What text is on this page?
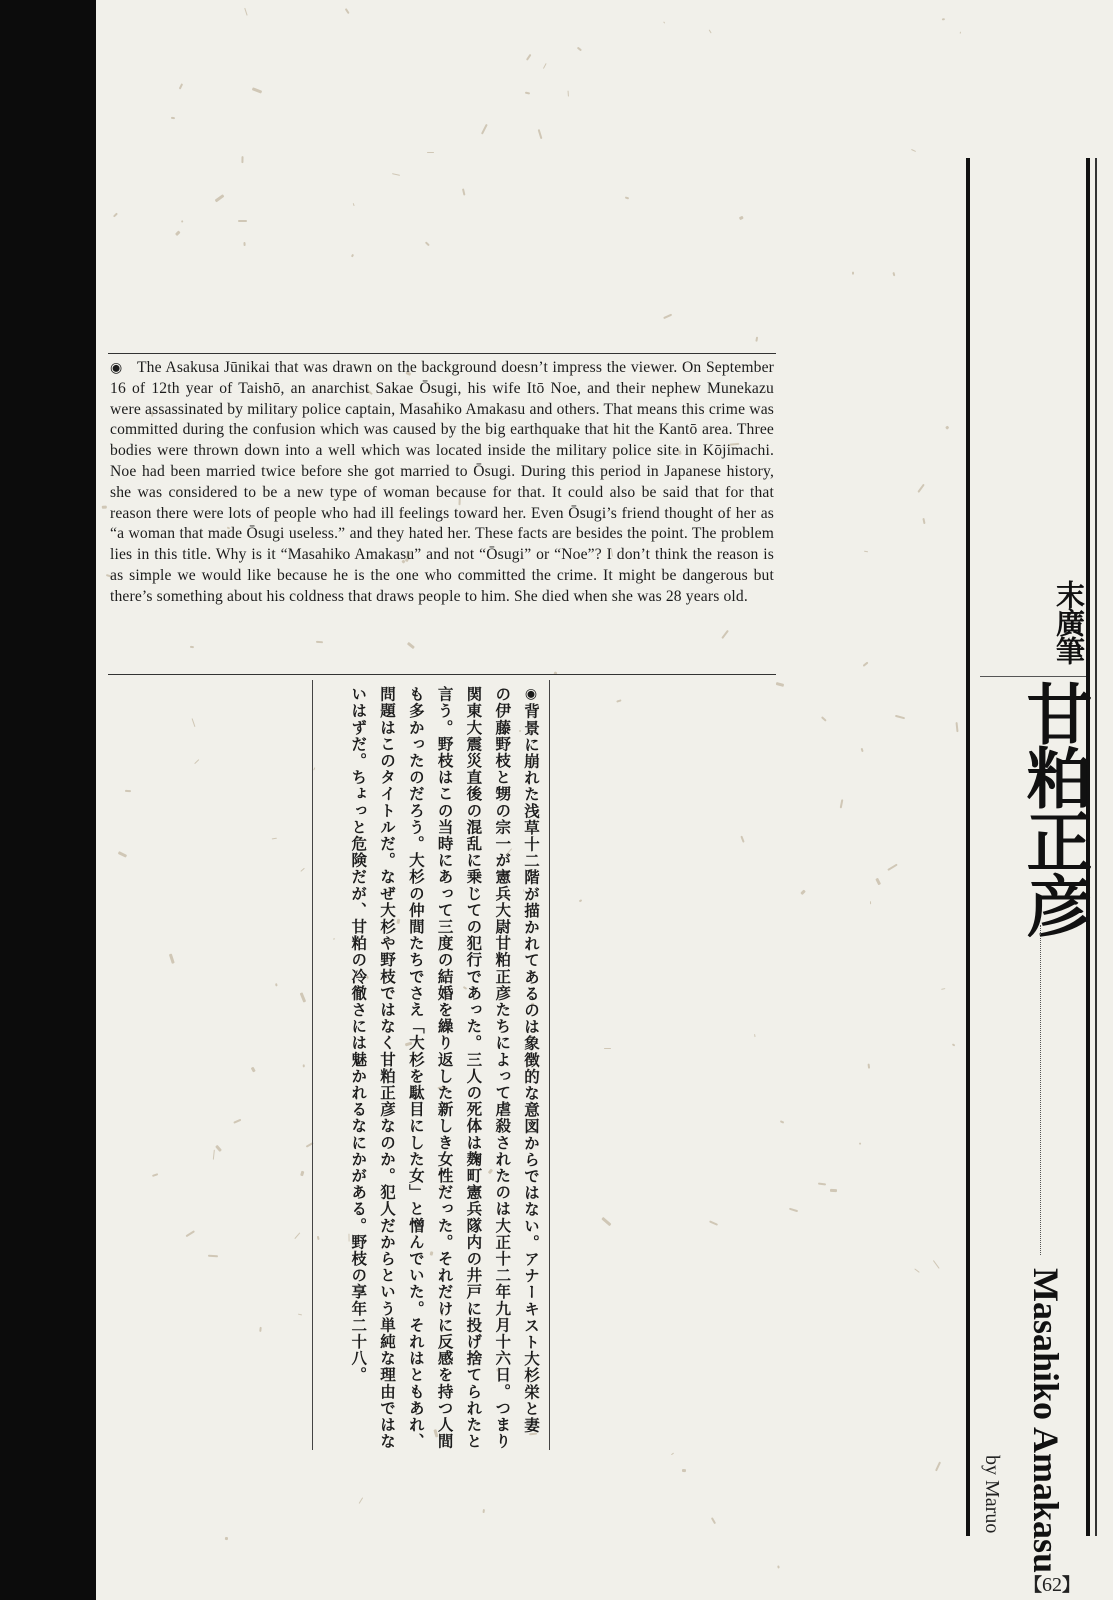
◉ The Asakusa Jūnikai that was drawn on the background doesn’t impress the viewer. On September 16 of 12th year of Taishō, an anarchist Sakae Ōsugi, his wife Itō Noe, and their nephew Munekazu were assassinated by military police captain, Masahiko Amakasu and others. That means this crime was committed during the confusion which was caused by the big earthquake that hit the Kantō area. Three bodies were thrown down into a well which was located inside the military police site in Kōjimachi. Noe had been married twice before she got married to Ōsugi. During this period in Japanese history, she was considered to be a new type of woman because for that. It could also be said that for that reason there were lots of people who had ill feelings toward her. Even Ōsugi’s friend thought of her as “a woman that made Ōsugi useless.” and they hated her. These facts are besides the point. The problem lies in this title. Why is it “Masahiko Amakasu” and not “Ōsugi” or “Noe”? I don’t think the reason is as simple we would like because he is the one who committed the crime. It might be dangerous but there’s something about his coldness that draws people to him. She died when she was 28 years old.
◉背景に崩れた浅草十二階が描かれてあるのは象徴的な意図からではない。アナーキスト大杉栄と妻の伊藤野枝と甥の宗一が憲兵大尉甘粕正彦たちによって虐殺されたのは大正十二年九月十六日。つまり関東大震災直後の混乱に乗じての犯行であった。三人の死体は麹町憲兵隊内の井戸に投げ捨てられたと言う。野枝はこの当時にあって三度の結婚を繰り返した新しき女性だった。それだけに反感を持つ人間も多かったのだろう。大杉の仲間たちでさえ「大杉を駄目にした女」と憎んでいた。それはともあれ、問題はこのタイトルだ。なぜ大杉や野枝ではなく甘粕正彦なのか。犯人だからという単純な理由ではないはずだ。ちょっと危険だが、甘粕の冷徹さには魅かれるなにかがある。野枝の享年二十八。
末廣筆
甘粕正彦
Masahiko Amakasu
by Maruo
【62】
